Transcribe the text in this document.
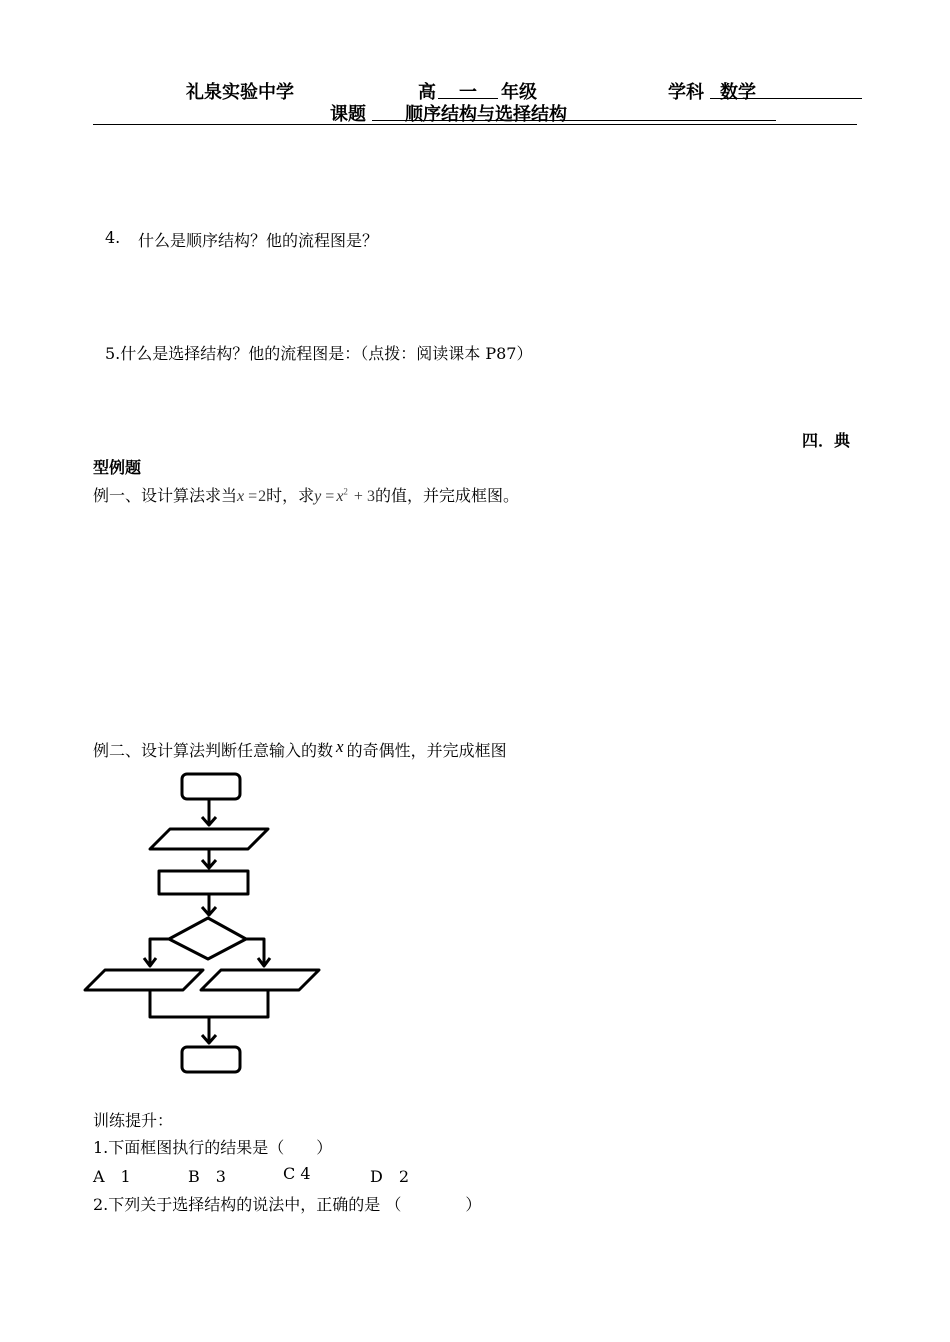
礼泉实验中学	高 一 年级	学科 数学
课题 顺序结构与选择结构
4. 什么是顺序结构？他的流程图是？
5.什么是选择结构？他的流程图是：（点拨：阅读课本 P87）
四．典
型例题
例一、设计算法求当x =2时，求$y = x^2 + 3$的值，并完成框图。
例二、设计算法判断任意输入的数 x 的奇偶性，并完成框图
训练提升：
1.下面框图执行的结果是（　　）
A　1	B　3	C 4	D　2
2.下列关于选择结构的说法中，正确的是 （　　　　）
